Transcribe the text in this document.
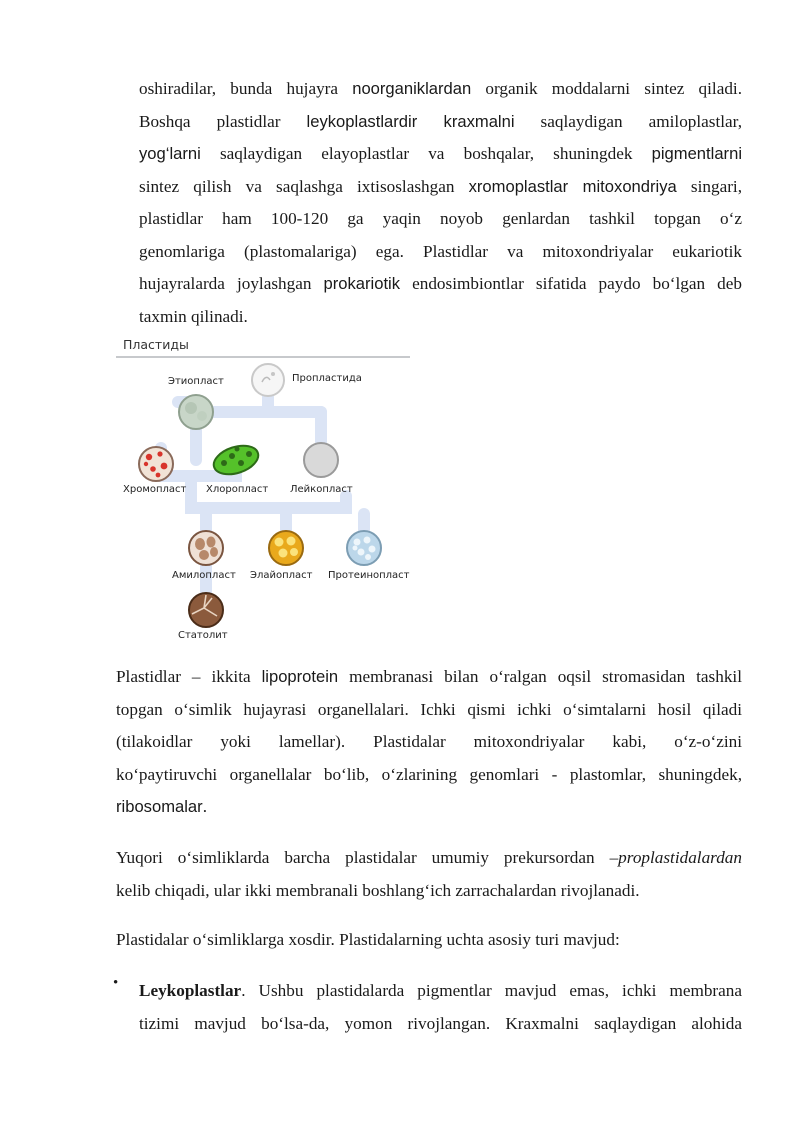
oshiradilar, bunda hujayra noorganiklardan organik moddalarni sintez qiladi.
Boshqa plastidlar leykoplastlardir kraxmalni saqlaydigan amiloplastlar,
yog‘larni saqlaydigan elayoplastlar va boshqalar, shuningdek pigmentlarni
sintez qilish va saqlashga ixtisoslashgan xromoplastlar mitoxondriya singari,
plastidlar ham 100-120 ga yaqin noyob genlardan tashkil topgan o‘z
genomlariga (plastomalariga) ega. Plastidlar va mitoxondriyalar eukariotik
hujayralarda joylashgan prokariotik endosimbiontlar sifatida paydo bo‘lgan deb
taxmin qilinadi.
Пластиды
Этиопласт	Пропластида
Хромопласт Хлоропласт Лейкопласт
Амилопласт Элайопласт Протеинопласт
Статолит
Plastidlar – ikkita lipoprotein membranasi bilan o‘ralgan oqsil stromasidan tashkil
topgan o‘simlik hujayrasi organellalari. Ichki qismi ichki o‘simtalarni hosil qiladi
(tilakoidlar yoki lamellar). Plastidalar mitoxondriyalar kabi, o‘z-o‘zini
ko‘paytiruvchi organellalar bo‘lib, o‘zlarining genomlari - plastomlar, shuningdek,
ribosomalar.
Yuqori o‘simliklarda barcha plastidalar umumiy prekursordan –proplastidalardan
kelib chiqadi, ular ikki membranali boshlang‘ich zarrachalardan rivojlanadi.
Plastidalar o‘simliklarga xosdir. Plastidalarning uchta asosiy turi mavjud:
• Leykoplastlar. Ushbu plastidalarda pigmentlar mavjud emas, ichki membrana
tizimi mavjud bo‘lsa-da, yomon rivojlangan. Kraxmalni saqlaydigan alohida
